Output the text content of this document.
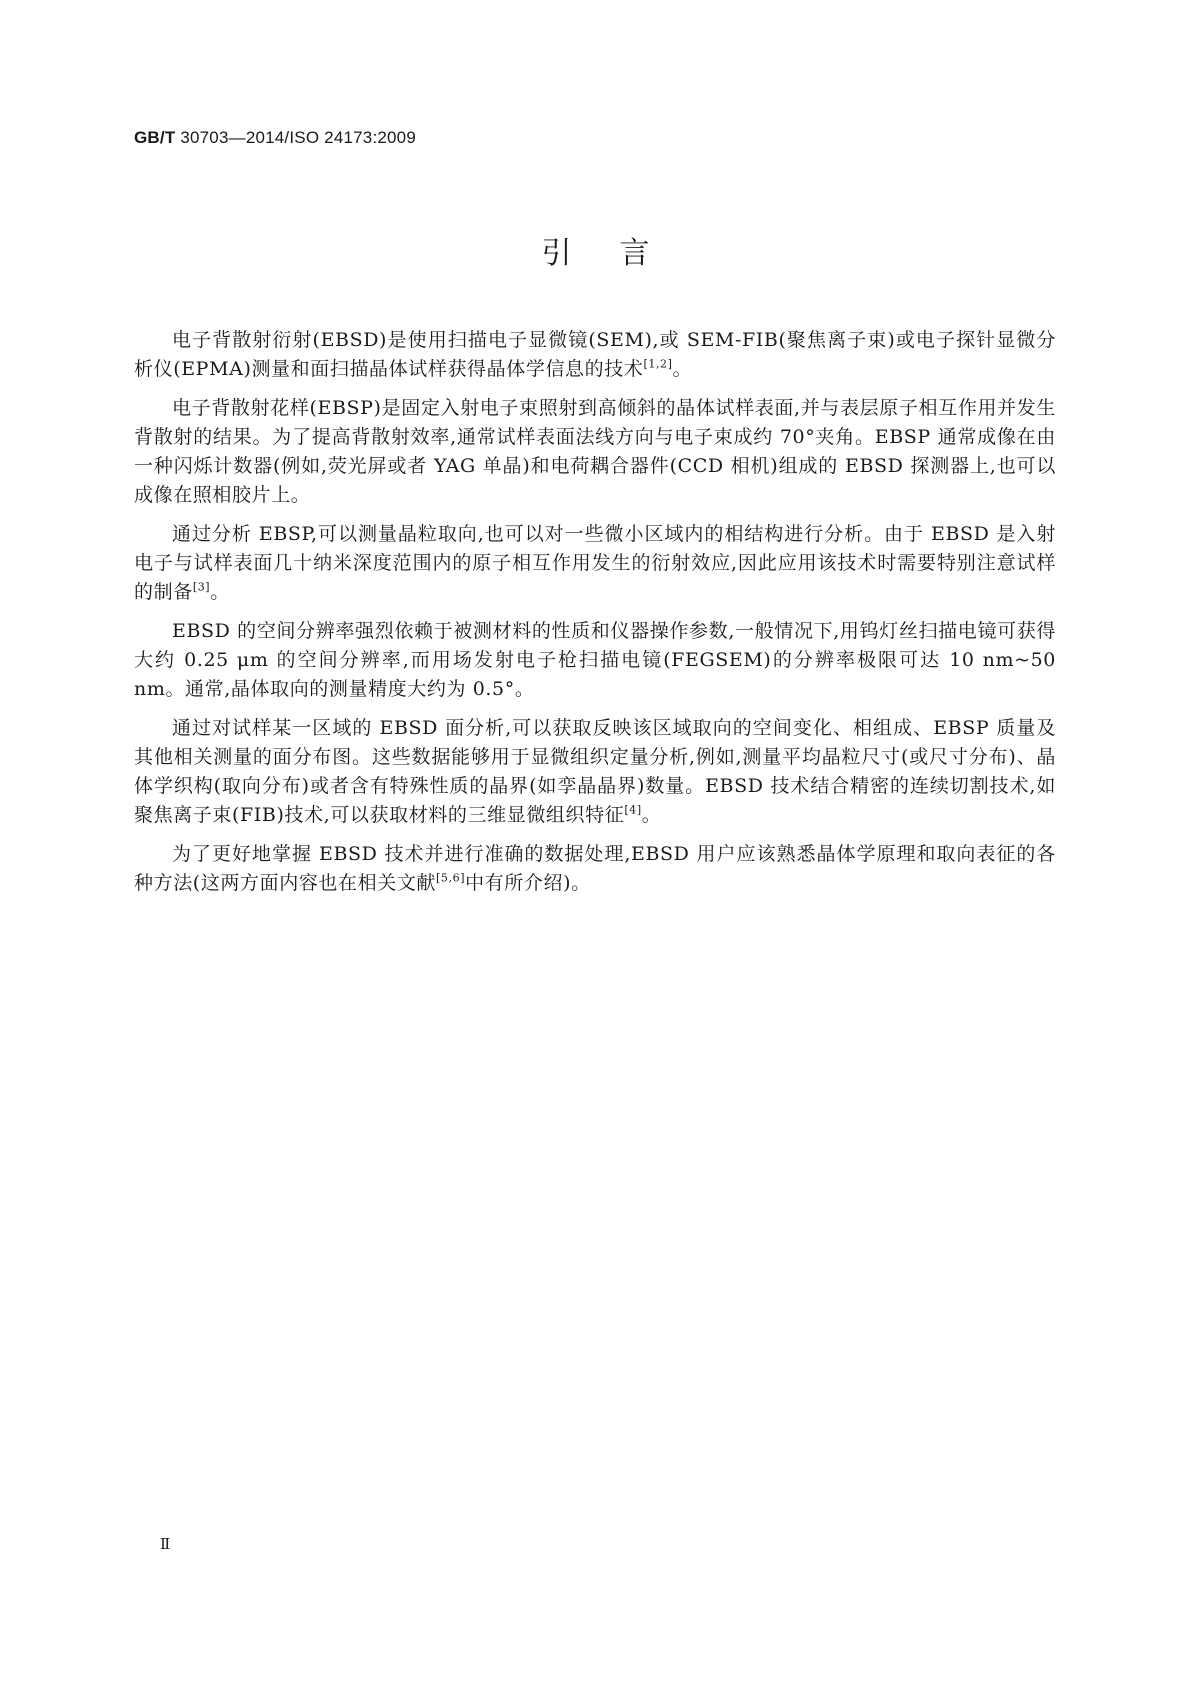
GB/T 30703—2014/ISO 24173:2009
引言

电子背散射衍射(EBSD)是使用扫描电子显微镜(SEM),或 SEM-FIB(聚焦离子束)或电子探针显微分析仪(EPMA)测量和面扫描晶体试样获得晶体学信息的技术[1,2]。

电子背散射花样(EBSP)是固定入射电子束照射到高倾斜的晶体试样表面,并与表层原子相互作用并发生背散射的结果。为了提高背散射效率,通常试样表面法线方向与电子束成约 70°夹角。EBSP 通常成像在由一种闪烁计数器(例如,荧光屏或者 YAG 单晶)和电荷耦合器件(CCD 相机)组成的 EBSD 探测器上,也可以成像在照相胶片上。

通过分析 EBSP,可以测量晶粒取向,也可以对一些微小区域内的相结构进行分析。由于 EBSD 是入射电子与试样表面几十纳米深度范围内的原子相互作用发生的衍射效应,因此应用该技术时需要特别注意试样的制备[3]。

EBSD 的空间分辨率强烈依赖于被测材料的性质和仪器操作参数,一般情况下,用钨灯丝扫描电镜可获得大约 0.25 μm 的空间分辨率,而用场发射电子枪扫描电镜(FEGSEM)的分辨率极限可达 10 nm~50 nm。通常,晶体取向的测量精度大约为 0.5°。

通过对试样某一区域的 EBSD 面分析,可以获取反映该区域取向的空间变化、相组成、EBSP 质量及其他相关测量的面分布图。这些数据能够用于显微组织定量分析,例如,测量平均晶粒尺寸(或尺寸分布)、晶体学织构(取向分布)或者含有特殊性质的晶界(如孪晶晶界)数量。EBSD 技术结合精密的连续切割技术,如聚焦离子束(FIB)技术,可以获取材料的三维显微组织特征[4]。

为了更好地掌握 EBSD 技术并进行准确的数据处理,EBSD 用户应该熟悉晶体学原理和取向表征的各种方法(这两方面内容也在相关文献[5,6]中有所介绍)。

Ⅱ
